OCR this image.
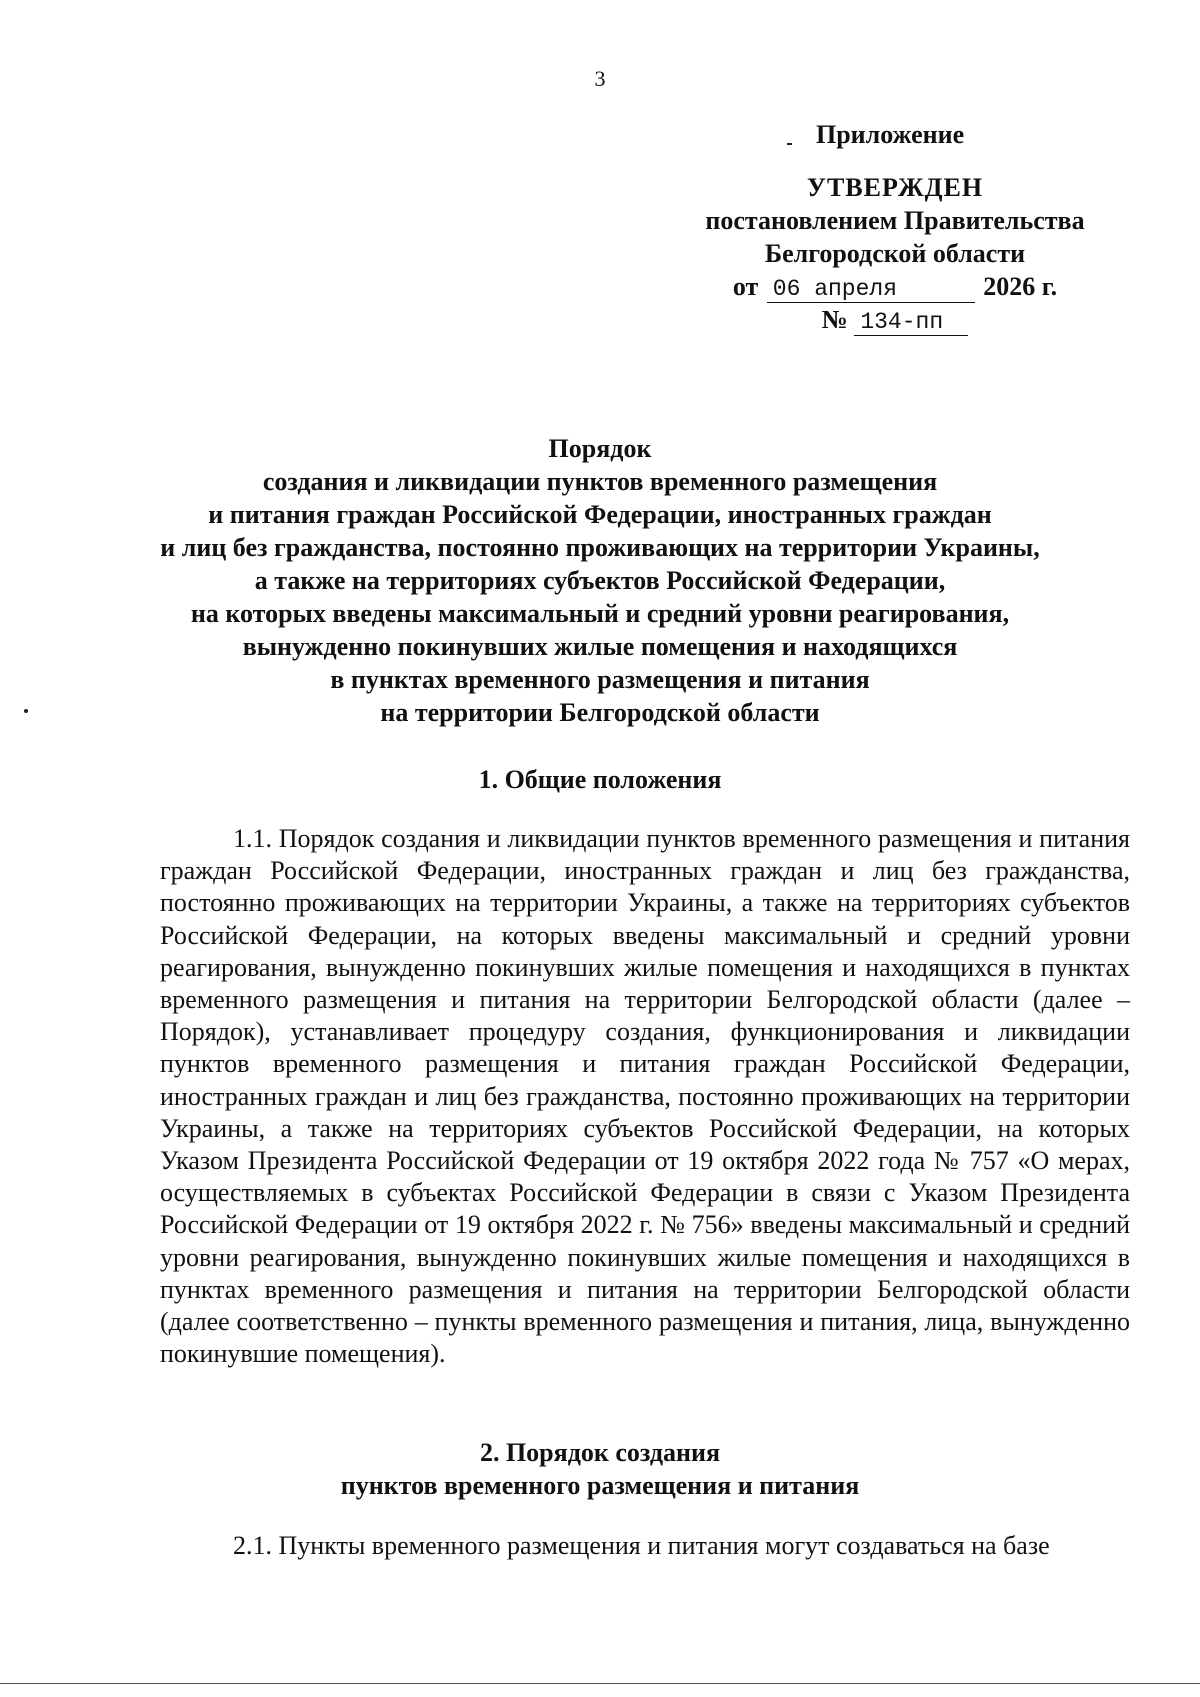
3
Приложение
УТВЕРЖДЕН
постановлением Правительства
Белгородской области
от 06 апреля	2026 г.
№ 134-пп
Порядок
создания и ликвидации пунктов временного размещения
и питания граждан Российской Федерации, иностранных граждан
и лиц без гражданства, постоянно проживающих на территории Украины,
а также на территориях субъектов Российской Федерации,
на которых введены максимальный и средний уровни реагирования,
вынужденно покинувших жилые помещения и находящихся
в пунктах временного размещения и питания
на территории Белгородской области
1. Общие положения

1.1. Порядок создания и ликвидации пунктов временного размещения и питания граждан Российской Федерации, иностранных граждан и лиц без гражданства, постоянно проживающих на территории Украины, а также на территориях субъектов Российской Федерации, на которых введены максимальный и средний уровни реагирования, вынужденно покинувших жилые помещения и находящихся в пунктах временного размещения и питания на территории Белгородской области (далее – Порядок), устанавливает процедуру создания, функционирования и ликвидации пунктов временного размещения и питания граждан Российской Федерации, иностранных граждан и лиц без гражданства, постоянно проживающих на территории Украины, а также на территориях субъектов Российской Федерации, на которых Указом Президента Российской Федерации от 19 октября 2022 года № 757 «О мерах, осуществляемых в субъектах Российской Федерации в связи с Указом Президента Российской Федерации от 19 октября 2022 г. № 756» введены максимальный и средний уровни реагирования, вынужденно покинувших жилые помещения и находящихся в пунктах временного размещения и питания на территории Белгородской области (далее соответственно – пункты временного размещения и питания, лица, вынужденно покинувшие помещения).

2. Порядок создания
пунктов временного размещения и питания

2.1. Пункты временного размещения и питания могут создаваться на базе
